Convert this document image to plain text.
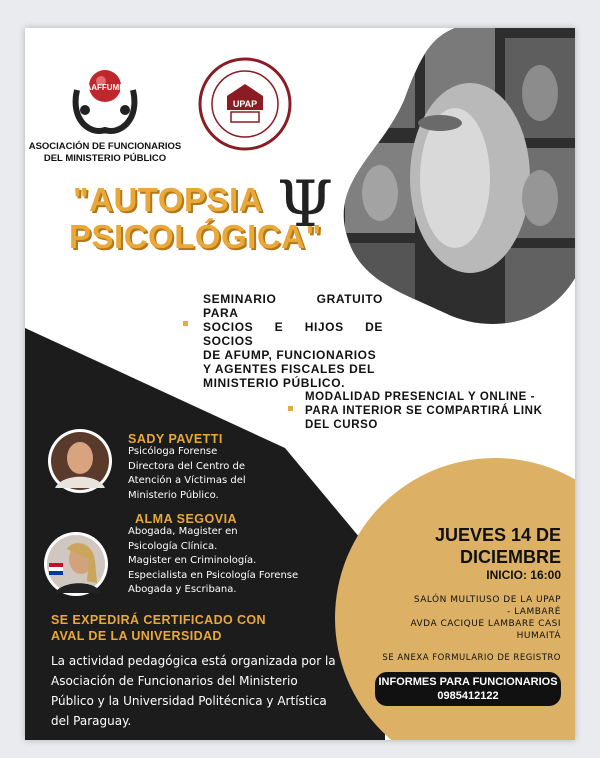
AAFFUMP
ASOCIACIÓN DE FUNCIONARIOS
DEL MINISTERIO PÚBLICO
UPAP
"AUTOPSIA
PSICOLÓGICA"
Ψ
SEMINARIO GRATUITO PARA
SOCIOS E HIJOS DE SOCIOS
DE AFUMP, FUNCIONARIOS
Y AGENTES FISCALES DEL
MINISTERIO PÚBLICO.
MODALIDAD PRESENCIAL Y ONLINE -
PARA INTERIOR SE COMPARTIRÁ LINK
DEL CURSO
SADY PAVETTI
Psicóloga Forense
Directora del Centro de
Atención a Víctimas del
Ministerio Público.
ALMA SEGOVIA
Abogada, Magister en
Psicología Clínica.
Magister en Criminología.
Especialista en Psicología Forense
Abogada y Escribana.
SE EXPEDIRÁ CERTIFICADO CON
AVAL DE LA UNIVERSIDAD
La actividad pedagógica está organizada por la
Asociación de Funcionarios del Ministerio
Público y la Universidad Politécnica y Artística
del Paraguay.
JUEVES 14 DE
DICIEMBRE
INICIO: 16:00
SALÓN MULTIUSO DE LA UPAP
- LAMBARÉ
AVDA CACIQUE LAMBARE CASI
HUMAITÁ
SE ANEXA FORMULARIO DE REGISTRO
INFORMES PARA FUNCIONARIOS
0985412122
